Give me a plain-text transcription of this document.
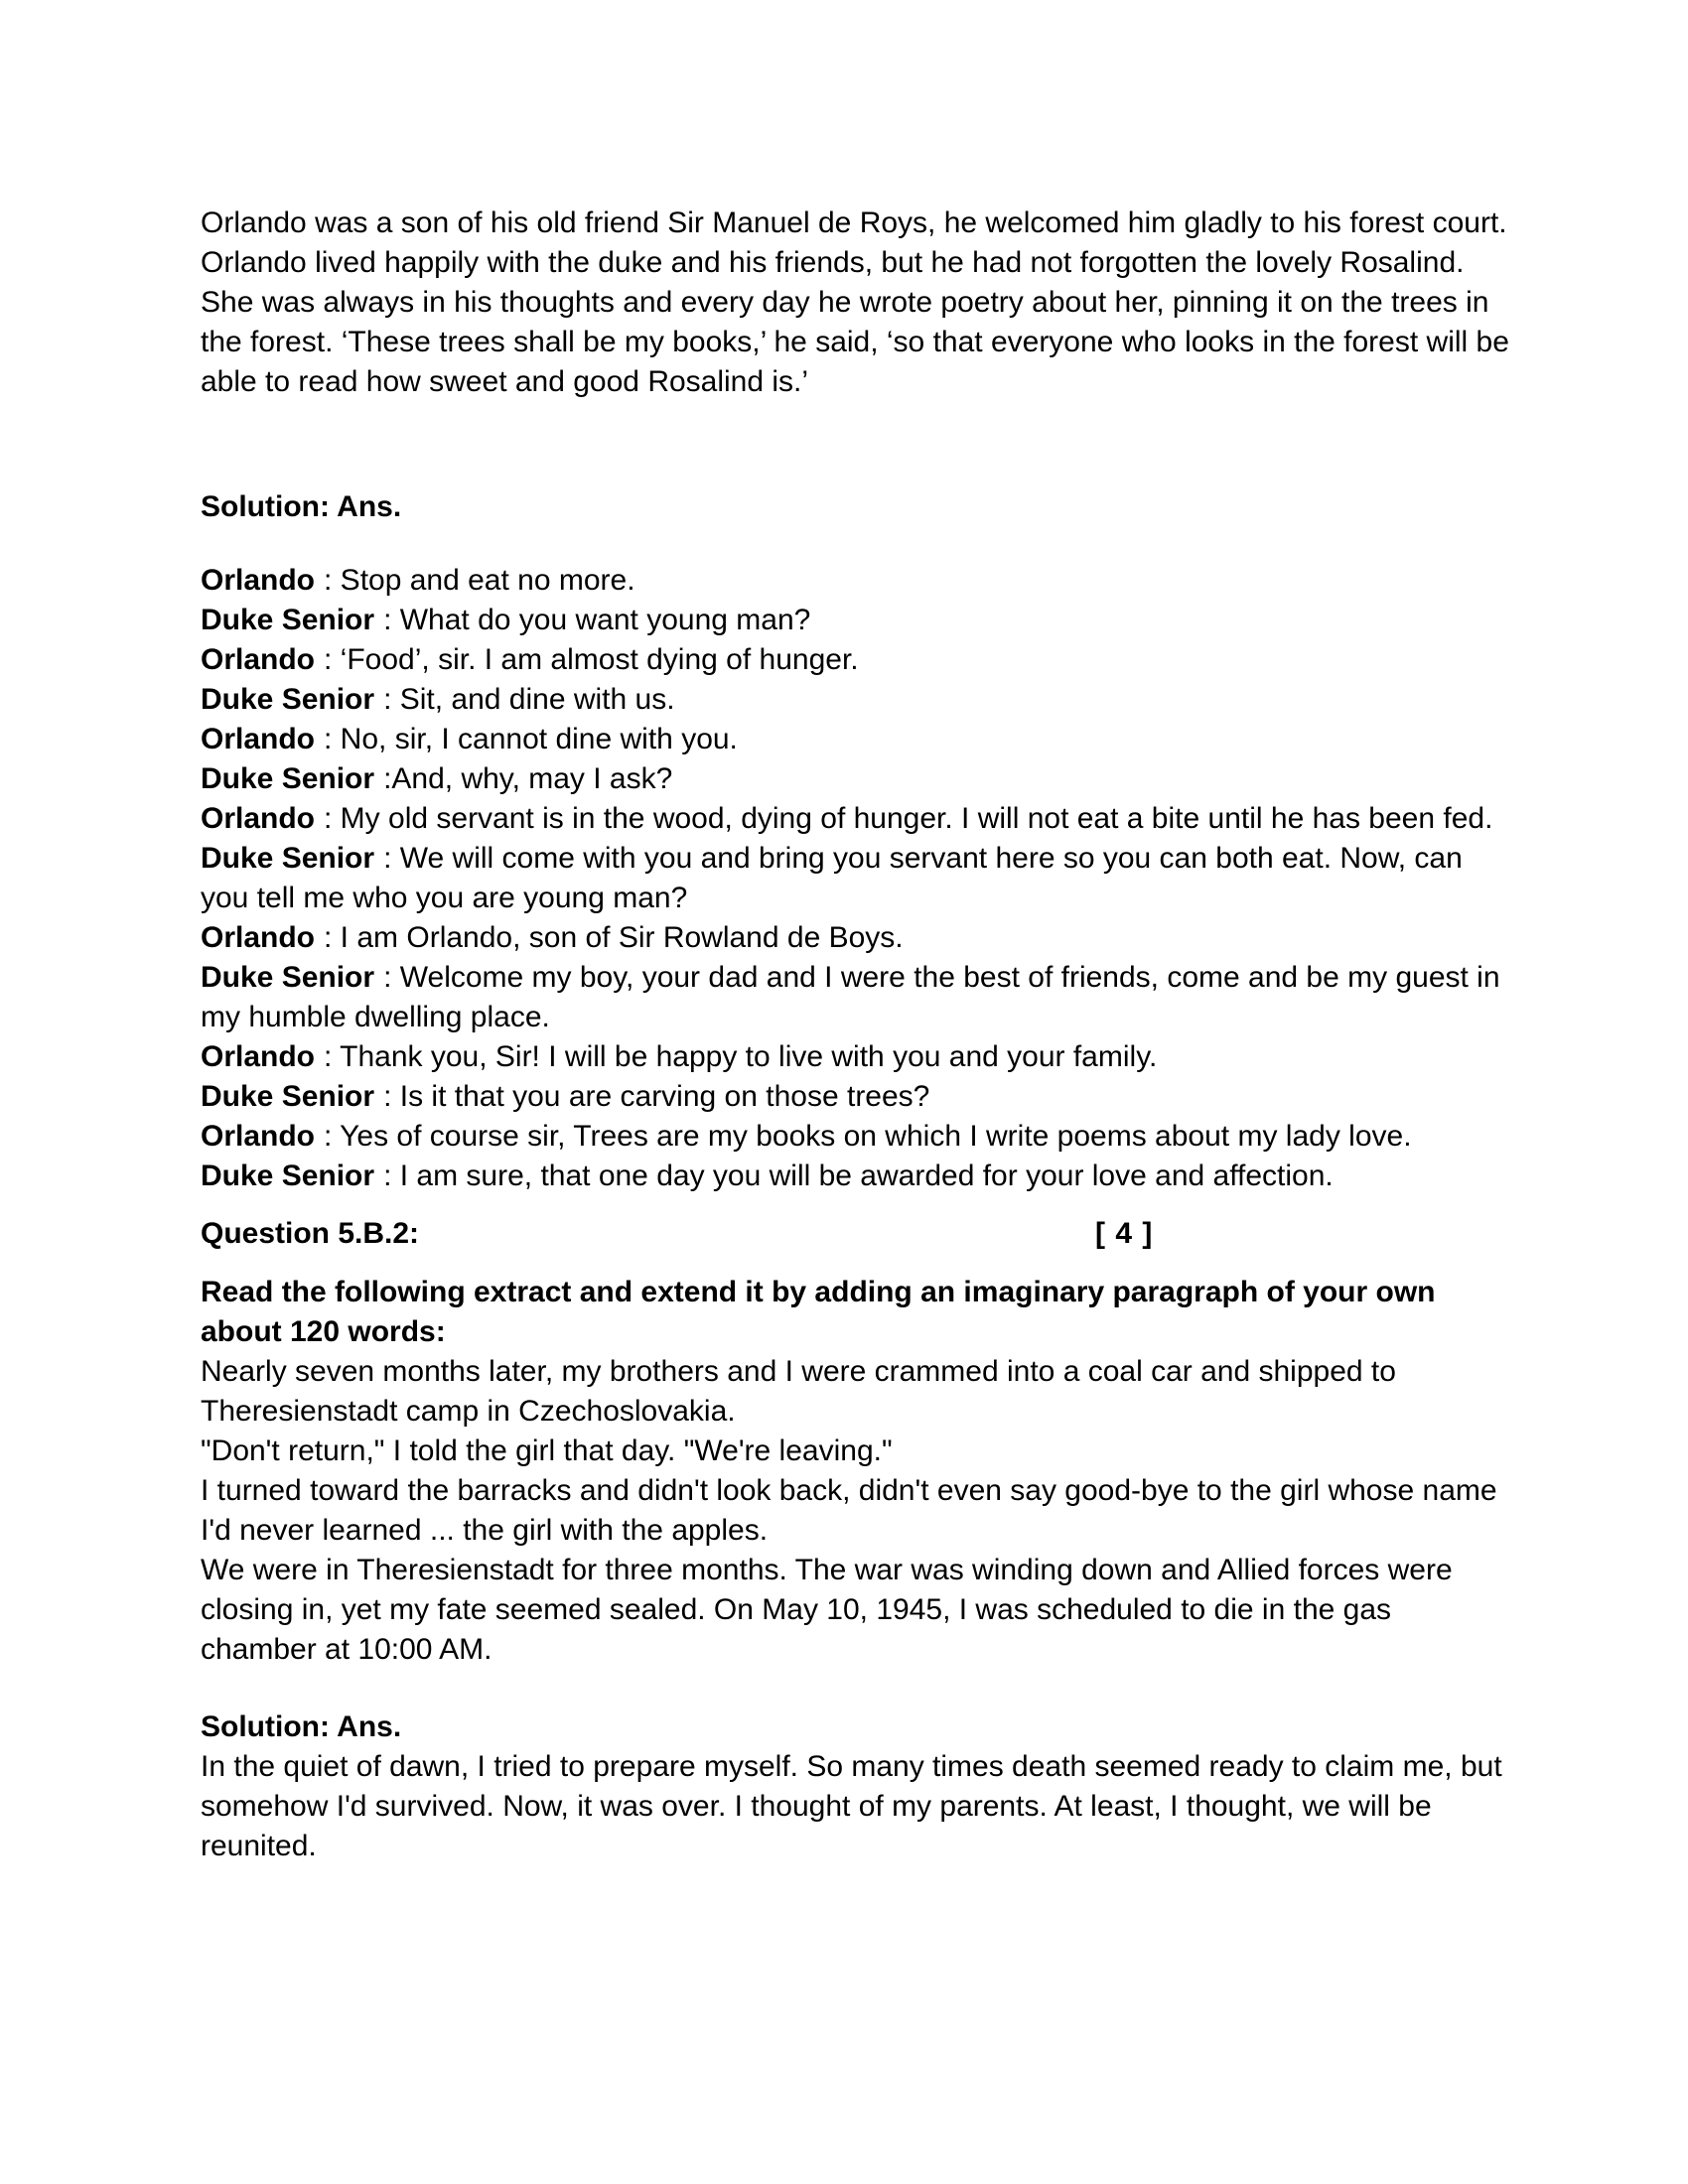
Orlando was a son of his old friend Sir Manuel de Roys, he welcomed him gladly to his forest court.

Orlando lived happily with the duke and his friends, but he had not forgotten the lovely Rosalind. She was always in his thoughts and every day he wrote poetry about her, pinning it on the trees in the forest. ‘These trees shall be my books,’ he said, ‘so that everyone who looks in the forest will be able to read how sweet and good Rosalind is.’

Solution: Ans.
Orlando : Stop and eat no more.
Duke Senior : What do you want young man?
Orlando : ‘Food’, sir. I am almost dying of hunger.
Duke Senior : Sit, and dine with us.
Orlando : No, sir, I cannot dine with you.
Duke Senior :And, why, may I ask?
Orlando : My old servant is in the wood, dying of hunger. I will not eat a bite until he has been fed.
Duke Senior : We will come with you and bring you servant here so you can both eat. Now, can you tell me who you are young man?
Orlando : I am Orlando, son of Sir Rowland de Boys.
Duke Senior : Welcome my boy, your dad and I were the best of friends, come and be my guest in my humble dwelling place.
Orlando : Thank you, Sir! I will be happy to live with you and your family.
Duke Senior : Is it that you are carving on those trees?
Orlando : Yes of course sir, Trees are my books on which I write poems about my lady love.
Duke Senior : I am sure, that one day you will be awarded for your love and affection.
Question 5.B.2:	[ 4 ]
Read the following extract and extend it by adding an imaginary paragraph of your own about 120 words:

Nearly seven months later, my brothers and I were crammed into a coal car and shipped to Theresienstadt camp in Czechoslovakia.

"Don't return," I told the girl that day. "We're leaving."

I turned toward the barracks and didn't look back, didn't even say good-bye to the girl whose name I'd never learned ... the girl with the apples.

We were in Theresienstadt for three months. The war was winding down and Allied forces were closing in, yet my fate seemed sealed. On May 10, 1945, I was scheduled to die in the gas chamber at 10:00 AM.

Solution: Ans.

In the quiet of dawn, I tried to prepare myself. So many times death seemed ready to claim me, but somehow I'd survived. Now, it was over. I thought of my parents. At least, I thought, we will be reunited.
